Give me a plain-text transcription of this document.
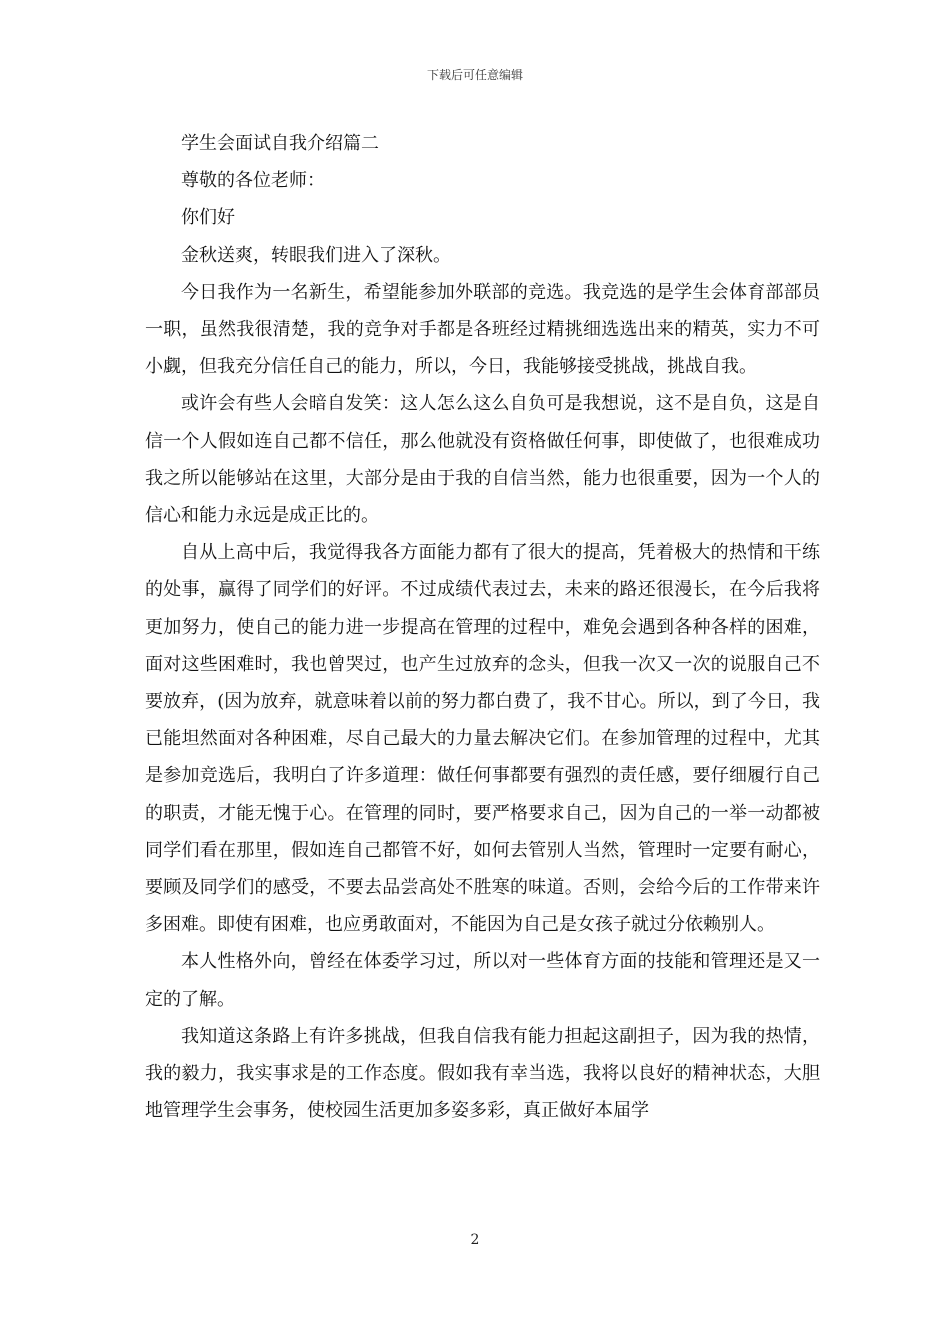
下载后可任意编辑

学生会面试自我介绍篇二

尊敬的各位老师：

你们好

金秋送爽，转眼我们进入了深秋。

今日我作为一名新生，希望能参加外联部的竞选。我竞选的是学生会体育部部员一职，虽然我很清楚，我的竞争对手都是各班经过精挑细选选出来的精英，实力不可小觑，但我充分信任自己的能力，所以，今日，我能够接受挑战，挑战自我。

或许会有些人会暗自发笑：这人怎么这么自负可是我想说，这不是自负，这是自信一个人假如连自己都不信任，那么他就没有资格做任何事，即使做了，也很难成功我之所以能够站在这里，大部分是由于我的自信当然，能力也很重要，因为一个人的信心和能力永远是成正比的。

自从上高中后，我觉得我各方面能力都有了很大的提高，凭着极大的热情和干练的处事，赢得了同学们的好评。不过成绩代表过去，未来的路还很漫长，在今后我将更加努力，使自己的能力进一步提高在管理的过程中，难免会遇到各种各样的困难，面对这些困难时，我也曾哭过，也产生过放弃的念头，但我一次又一次的说服自己不要放弃，(因为放弃，就意味着以前的努力都白费了，我不甘心。所以，到了今日，我已能坦然面对各种困难，尽自己最大的力量去解决它们。在参加管理的过程中，尤其是参加竞选后，我明白了许多道理：做任何事都要有强烈的责任感，要仔细履行自己的职责，才能无愧于心。在管理的同时，要严格要求自己，因为自己的一举一动都被同学们看在那里，假如连自己都管不好，如何去管别人当然，管理时一定要有耐心，要顾及同学们的感受，不要去品尝高处不胜寒的味道。否则，会给今后的工作带来许多困难。即使有困难，也应勇敢面对，不能因为自己是女孩子就过分依赖别人。

本人性格外向，曾经在体委学习过，所以对一些体育方面的技能和管理还是又一定的了解。

我知道这条路上有许多挑战，但我自信我有能力担起这副担子，因为我的热情，我的毅力，我实事求是的工作态度。假如我有幸当选，我将以良好的精神状态，大胆地管理学生会事务，使校园生活更加多姿多彩，真正做好本届学

2
